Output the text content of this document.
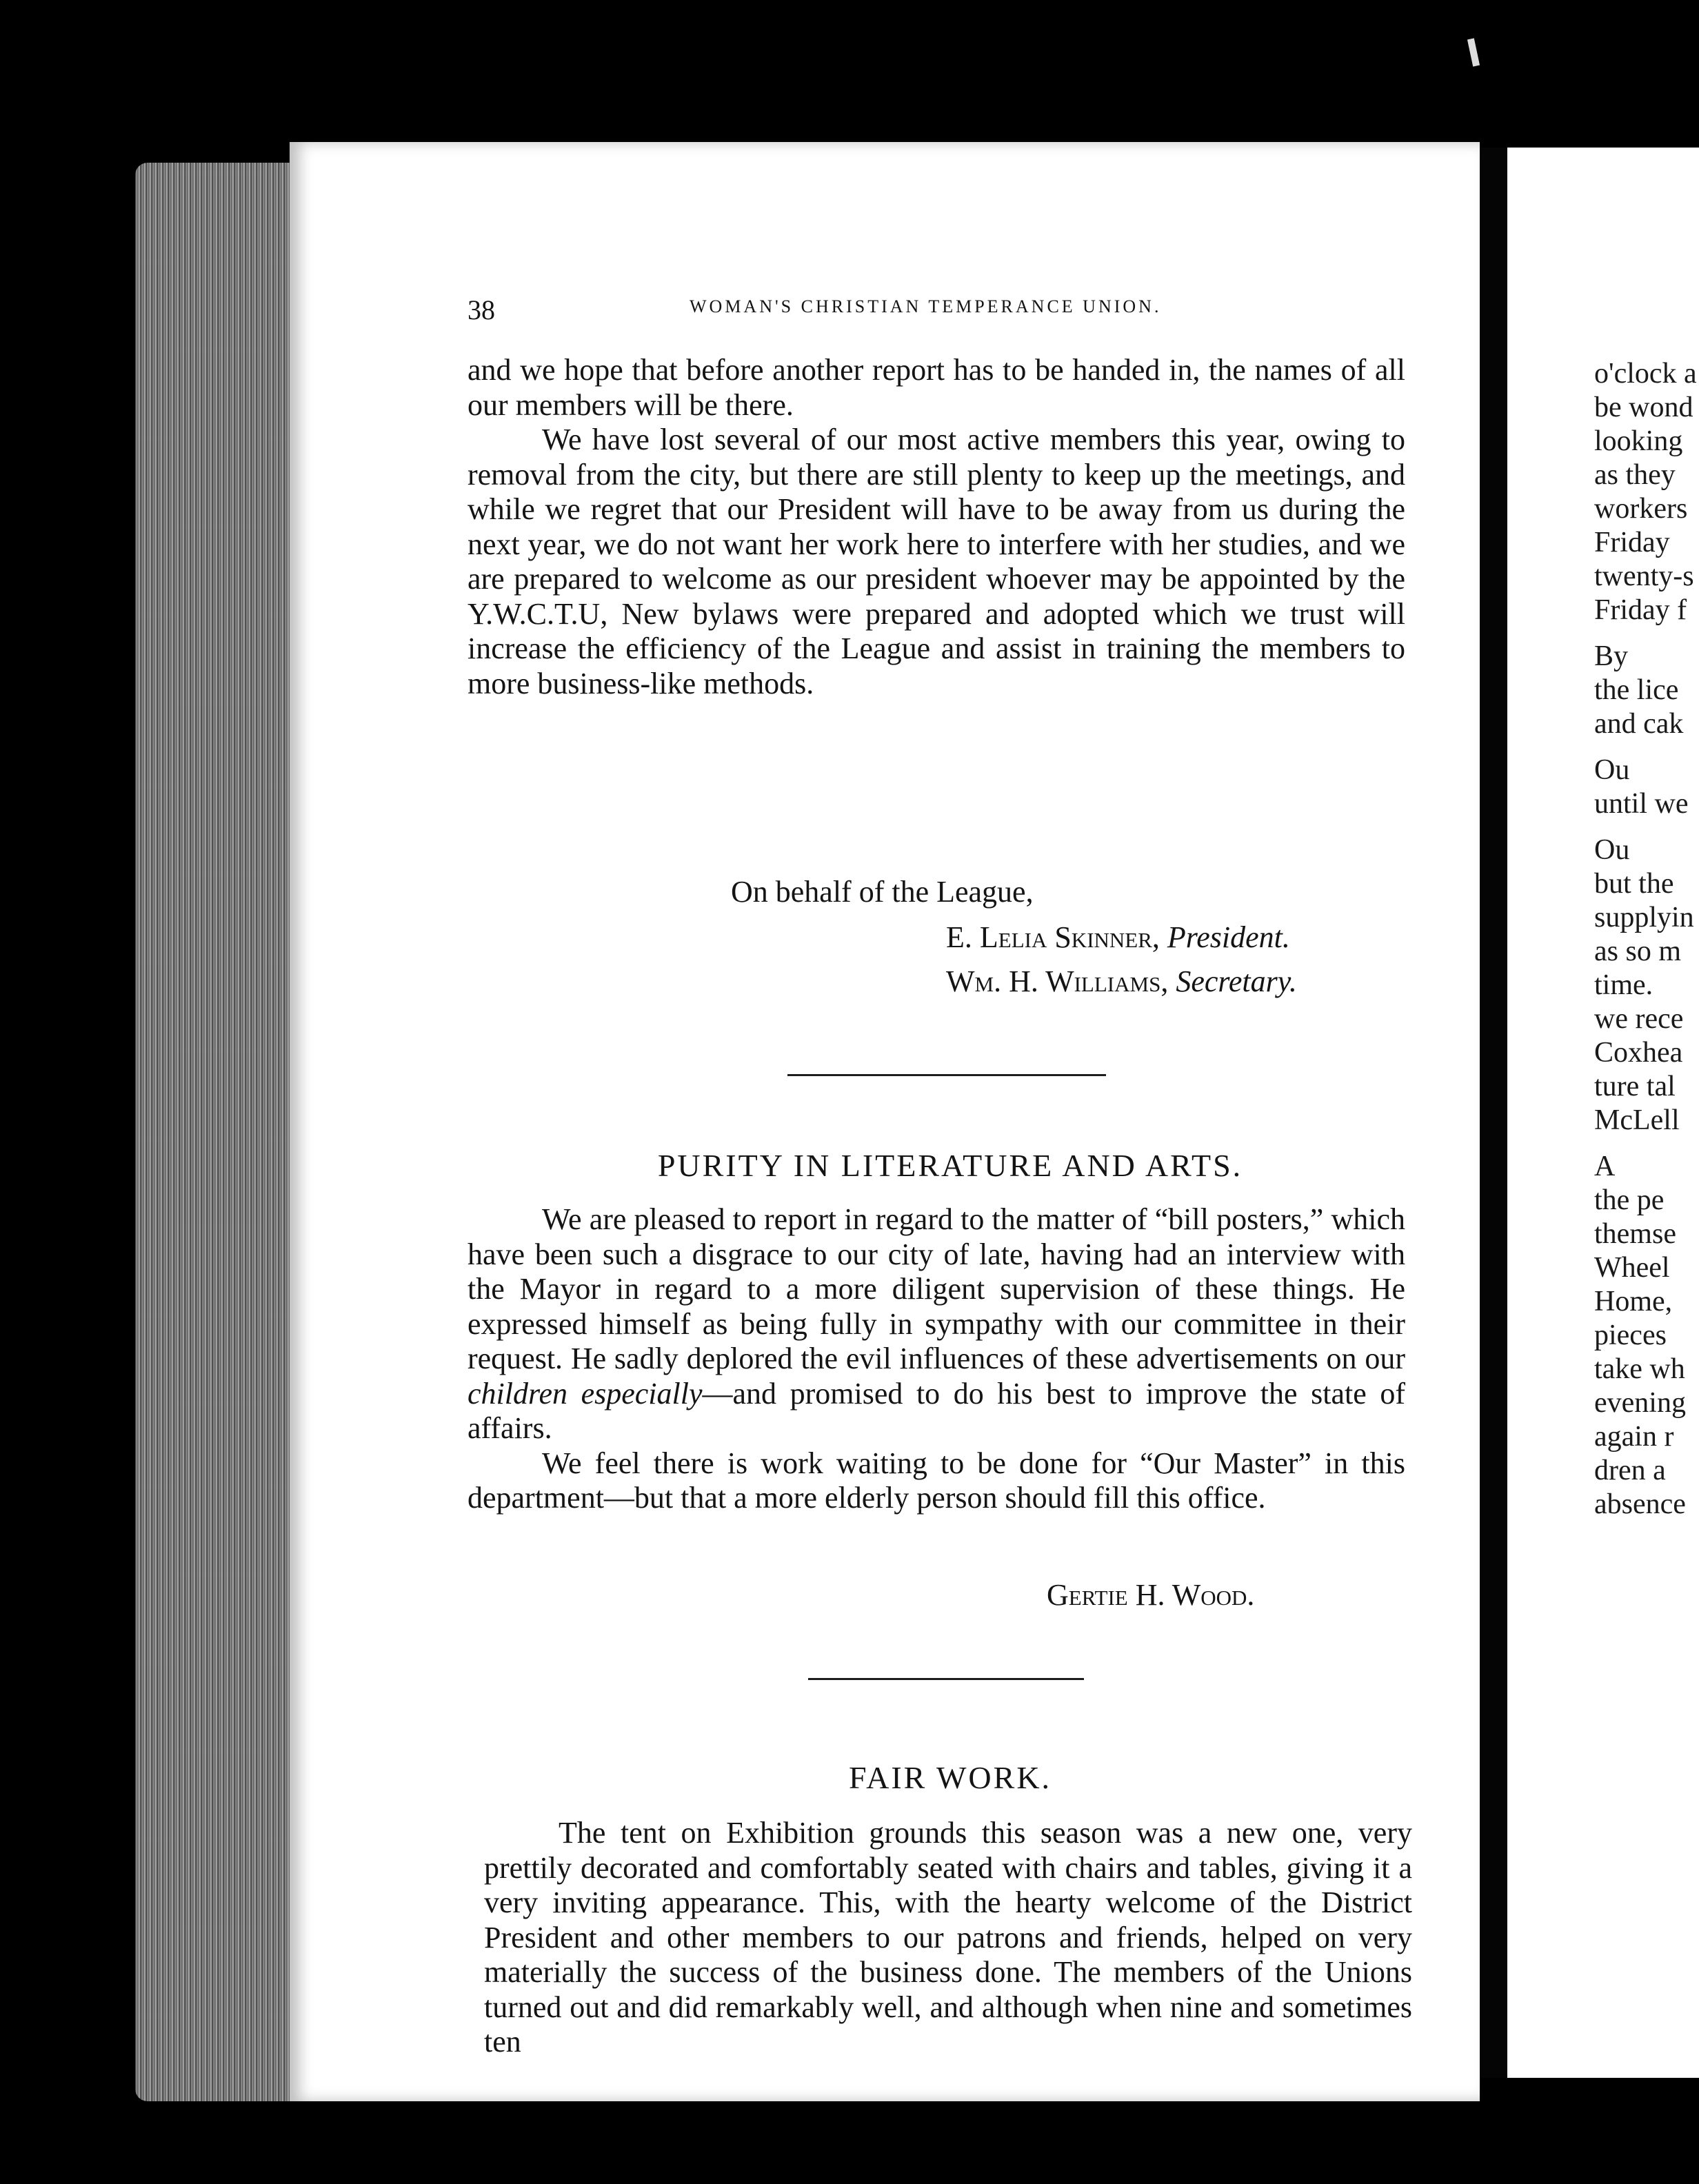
38	WOMAN'S CHRISTIAN TEMPERANCE UNION.

and we hope that before another report has to be handed in, the names of all our members will be there.

We have lost several of our most active members this year, owing to removal from the city, but there are still plenty to keep up the meetings, and while we regret that our President will have to be away from us during the next year, we do not want her work here to interfere with her studies, and we are prepared to welcome as our president whoever may be appointed by the Y.W.C.T.U, New bylaws were prepared and adopted which we trust will increase the efficiency of the League and assist in training the members to more business-like methods.

On behalf of the League,
E. Lelia Skinner, President.
Wm. H. Williams, Secretary.
PURITY IN LITERATURE AND ARTS.

We are pleased to report in regard to the matter of “bill posters,” which have been such a disgrace to our city of late, having had an interview with the Mayor in regard to a more diligent supervision of these things. He expressed himself as being fully in sympathy with our committee in their request. He sadly deplored the evil influences of these advertisements on our children especially—and promised to do his best to improve the state of affairs.

We feel there is work waiting to be done for “Our Master” in this department—but that a more elderly person should fill this office.

Gertie H. Wood.
FAIR WORK.

The tent on Exhibition grounds this season was a new one, very prettily decorated and comfortably seated with chairs and tables, giving it a very inviting appearance. This, with the hearty welcome of the District President and other members to our patrons and friends, helped on very materially the success of the business done. The members of the Unions turned out and did remarkably well, and although when nine and sometimes ten

o'clock a
be wond
looking
as they
workers
Friday
twenty-s
Friday f
By
the lice
and cak
Ou
until we
Ou
but the
supplyin
as so m
time.
we rece
Coxhea
ture tal
McLell
A
the pe
themse
Wheel
Home,
pieces
take wh
evening
again r
dren a
absence
